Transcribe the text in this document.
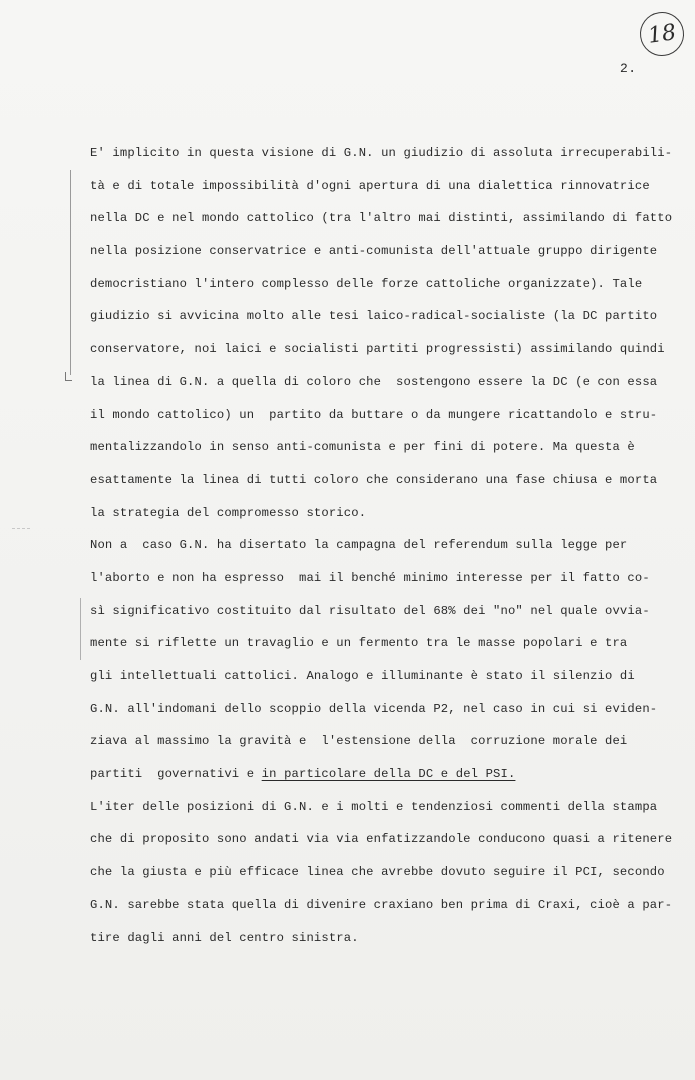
18
2.
E' implicito in questa visione di G.N. un giudizio di assoluta irrecuperabili-
tà e di totale impossibilità d'ogni apertura di una dialettica rinnovatrice
nella DC e nel mondo cattolico (tra l'altro mai distinti, assimilando di fatto
nella posizione conservatrice e anti-comunista dell'attuale gruppo dirigente
democristiano l'intero complesso delle forze cattoliche organizzate). Tale
giudizio si avvicina molto alle tesi laico-radical-socialiste (la DC partito
conservatore, noi laici e socialisti partiti progressisti) assimilando quindi
la linea di G.N. a quella di coloro che  sostengono essere la DC (e con essa
il mondo cattolico) un  partito da buttare o da mungere ricattandolo e stru-
mentalizzandolo in senso anti-comunista e per fini di potere. Ma questa è
esattamente la linea di tutti coloro che considerano una fase chiusa e morta
la strategia del compromesso storico.
Non a  caso G.N. ha disertato la campagna del referendum sulla legge per
l'aborto e non ha espresso  mai il benché minimo interesse per il fatto co-
sì significativo costituito dal risultato del 68% dei "no" nel quale ovvia-
mente si riflette un travaglio e un fermento tra le masse popolari e tra
gli intellettuali cattolici. Analogo e illuminante è stato il silenzio di
G.N. all'indomani dello scoppio della vicenda P2, nel caso in cui si eviden-
ziava al massimo la gravità e  l'estensione della  corruzione morale dei
partiti  governativi e in particolare della DC e del PSI.
L'iter delle posizioni di G.N. e i molti e tendenziosi commenti della stampa
che di proposito sono andati via via enfatizzandole conducono quasi a ritenere
che la giusta e più efficace linea che avrebbe dovuto seguire il PCI, secondo
G.N. sarebbe stata quella di divenire craxiano ben prima di Craxi, cioè a par-
tire dagli anni del centro sinistra.
